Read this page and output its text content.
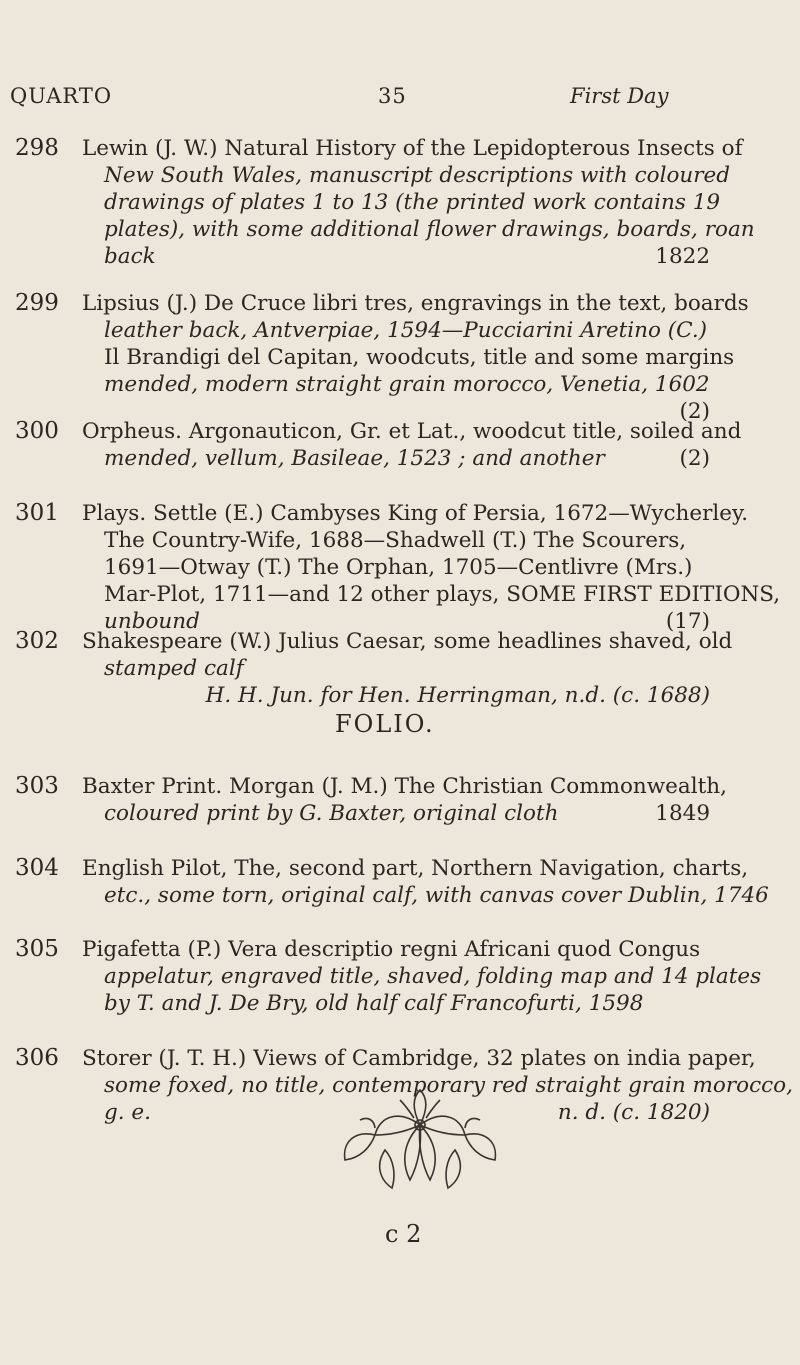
QUARTO	35	First Day
298 Lewin (J. W.) Natural History of the Lepidopterous Insects of
New South Wales, manuscript descriptions with coloured
drawings of plates 1 to 13 (the printed work contains 19
plates), with some additional flower drawings, boards, roan
back	1822
299 Lipsius (J.) De Cruce libri tres, engravings in the text, boards
leather back, Antverpiae, 1594—Pucciarini Aretino (C.)
Il Brandigi del Capitan, woodcuts, title and some margins
mended, modern straight grain morocco, Venetia, 1602
(2)
300 Orpheus. Argonauticon, Gr. et Lat., woodcut title, soiled and
mended, vellum, Basileae, 1523 ; and another	(2)
301 Plays. Settle (E.) Cambyses King of Persia, 1672—Wycherley.
The Country-Wife, 1688—Shadwell (T.) The Scourers,
1691—Otway (T.) The Orphan, 1705—Centlivre (Mrs.)
Mar-Plot, 1711—and 12 other plays, SOME FIRST EDITIONS,
unbound	(17)
302 Shakespeare (W.) Julius Caesar, some headlines shaved, old
stamped calf
H. H. Jun. for Hen. Herringman, n.d. (c. 1688)
FOLIO.
303 Baxter Print. Morgan (J. M.) The Christian Commonwealth,
coloured print by G. Baxter, original cloth	1849
304 English Pilot, The, second part, Northern Navigation, charts,
etc., some torn, original calf, with canvas cover Dublin, 1746
305 Pigafetta (P.) Vera descriptio regni Africani quod Congus
appelatur, engraved title, shaved, folding map and 14 plates
by T. and J. De Bry, old half calf Francofurti, 1598
306 Storer (J. T. H.) Views of Cambridge, 32 plates on india paper,
some foxed, no title, contemporary red straight grain morocco,
g. e.	n. d. (c. 1820)
c 2
